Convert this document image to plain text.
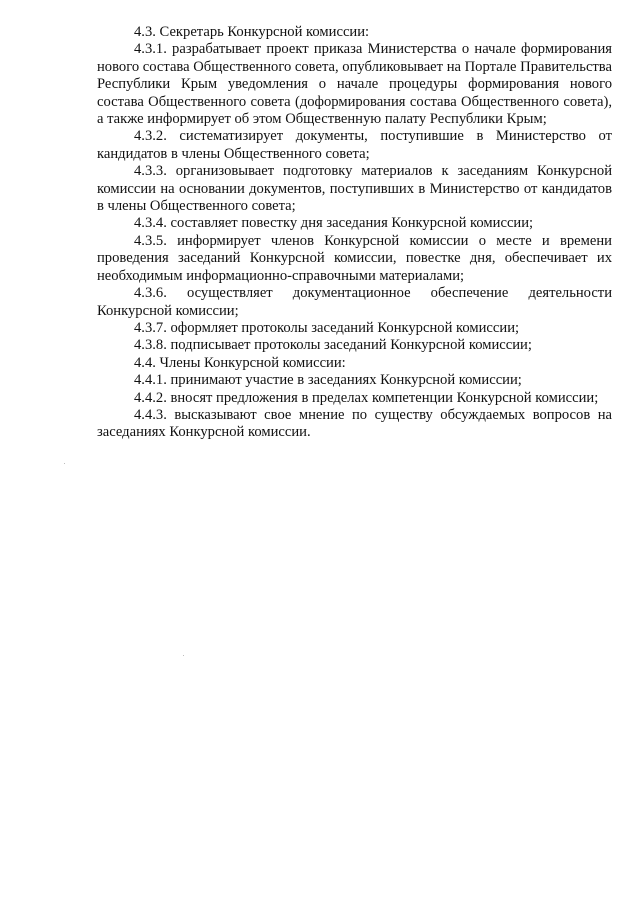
4.3. Секретарь Конкурсной комиссии:

4.3.1. разрабатывает проект приказа Министерства о начале формирования нового состава Общественного совета, опубликовывает на Портале Правительства Республики Крым уведомления о начале процедуры формирования нового состава Общественного совета (доформирования состава Общественного совета), а также информирует об этом Общественную палату Республики Крым;

4.3.2. систематизирует документы, поступившие в Министерство от кандидатов в члены Общественного совета;

4.3.3. организовывает подготовку материалов к заседаниям Конкурсной комиссии на основании документов, поступивших в Министерство от кандидатов в члены Общественного совета;

4.3.4. составляет повестку дня заседания Конкурсной комиссии;

4.3.5. информирует членов Конкурсной комиссии о месте и времени проведения заседаний Конкурсной комиссии, повестке дня, обеспечивает их необходимым информационно-справочными материалами;

4.3.6. осуществляет документационное обеспечение деятельности Конкурсной комиссии;

4.3.7. оформляет протоколы заседаний Конкурсной комиссии;

4.3.8. подписывает протоколы заседаний Конкурсной комиссии;

4.4. Члены Конкурсной комиссии:

4.4.1. принимают участие в заседаниях Конкурсной комиссии;

4.4.2. вносят предложения в пределах компетенции Конкурсной комиссии;

4.4.3. высказывают свое мнение по существу обсуждаемых вопросов на заседаниях Конкурсной комиссии.
